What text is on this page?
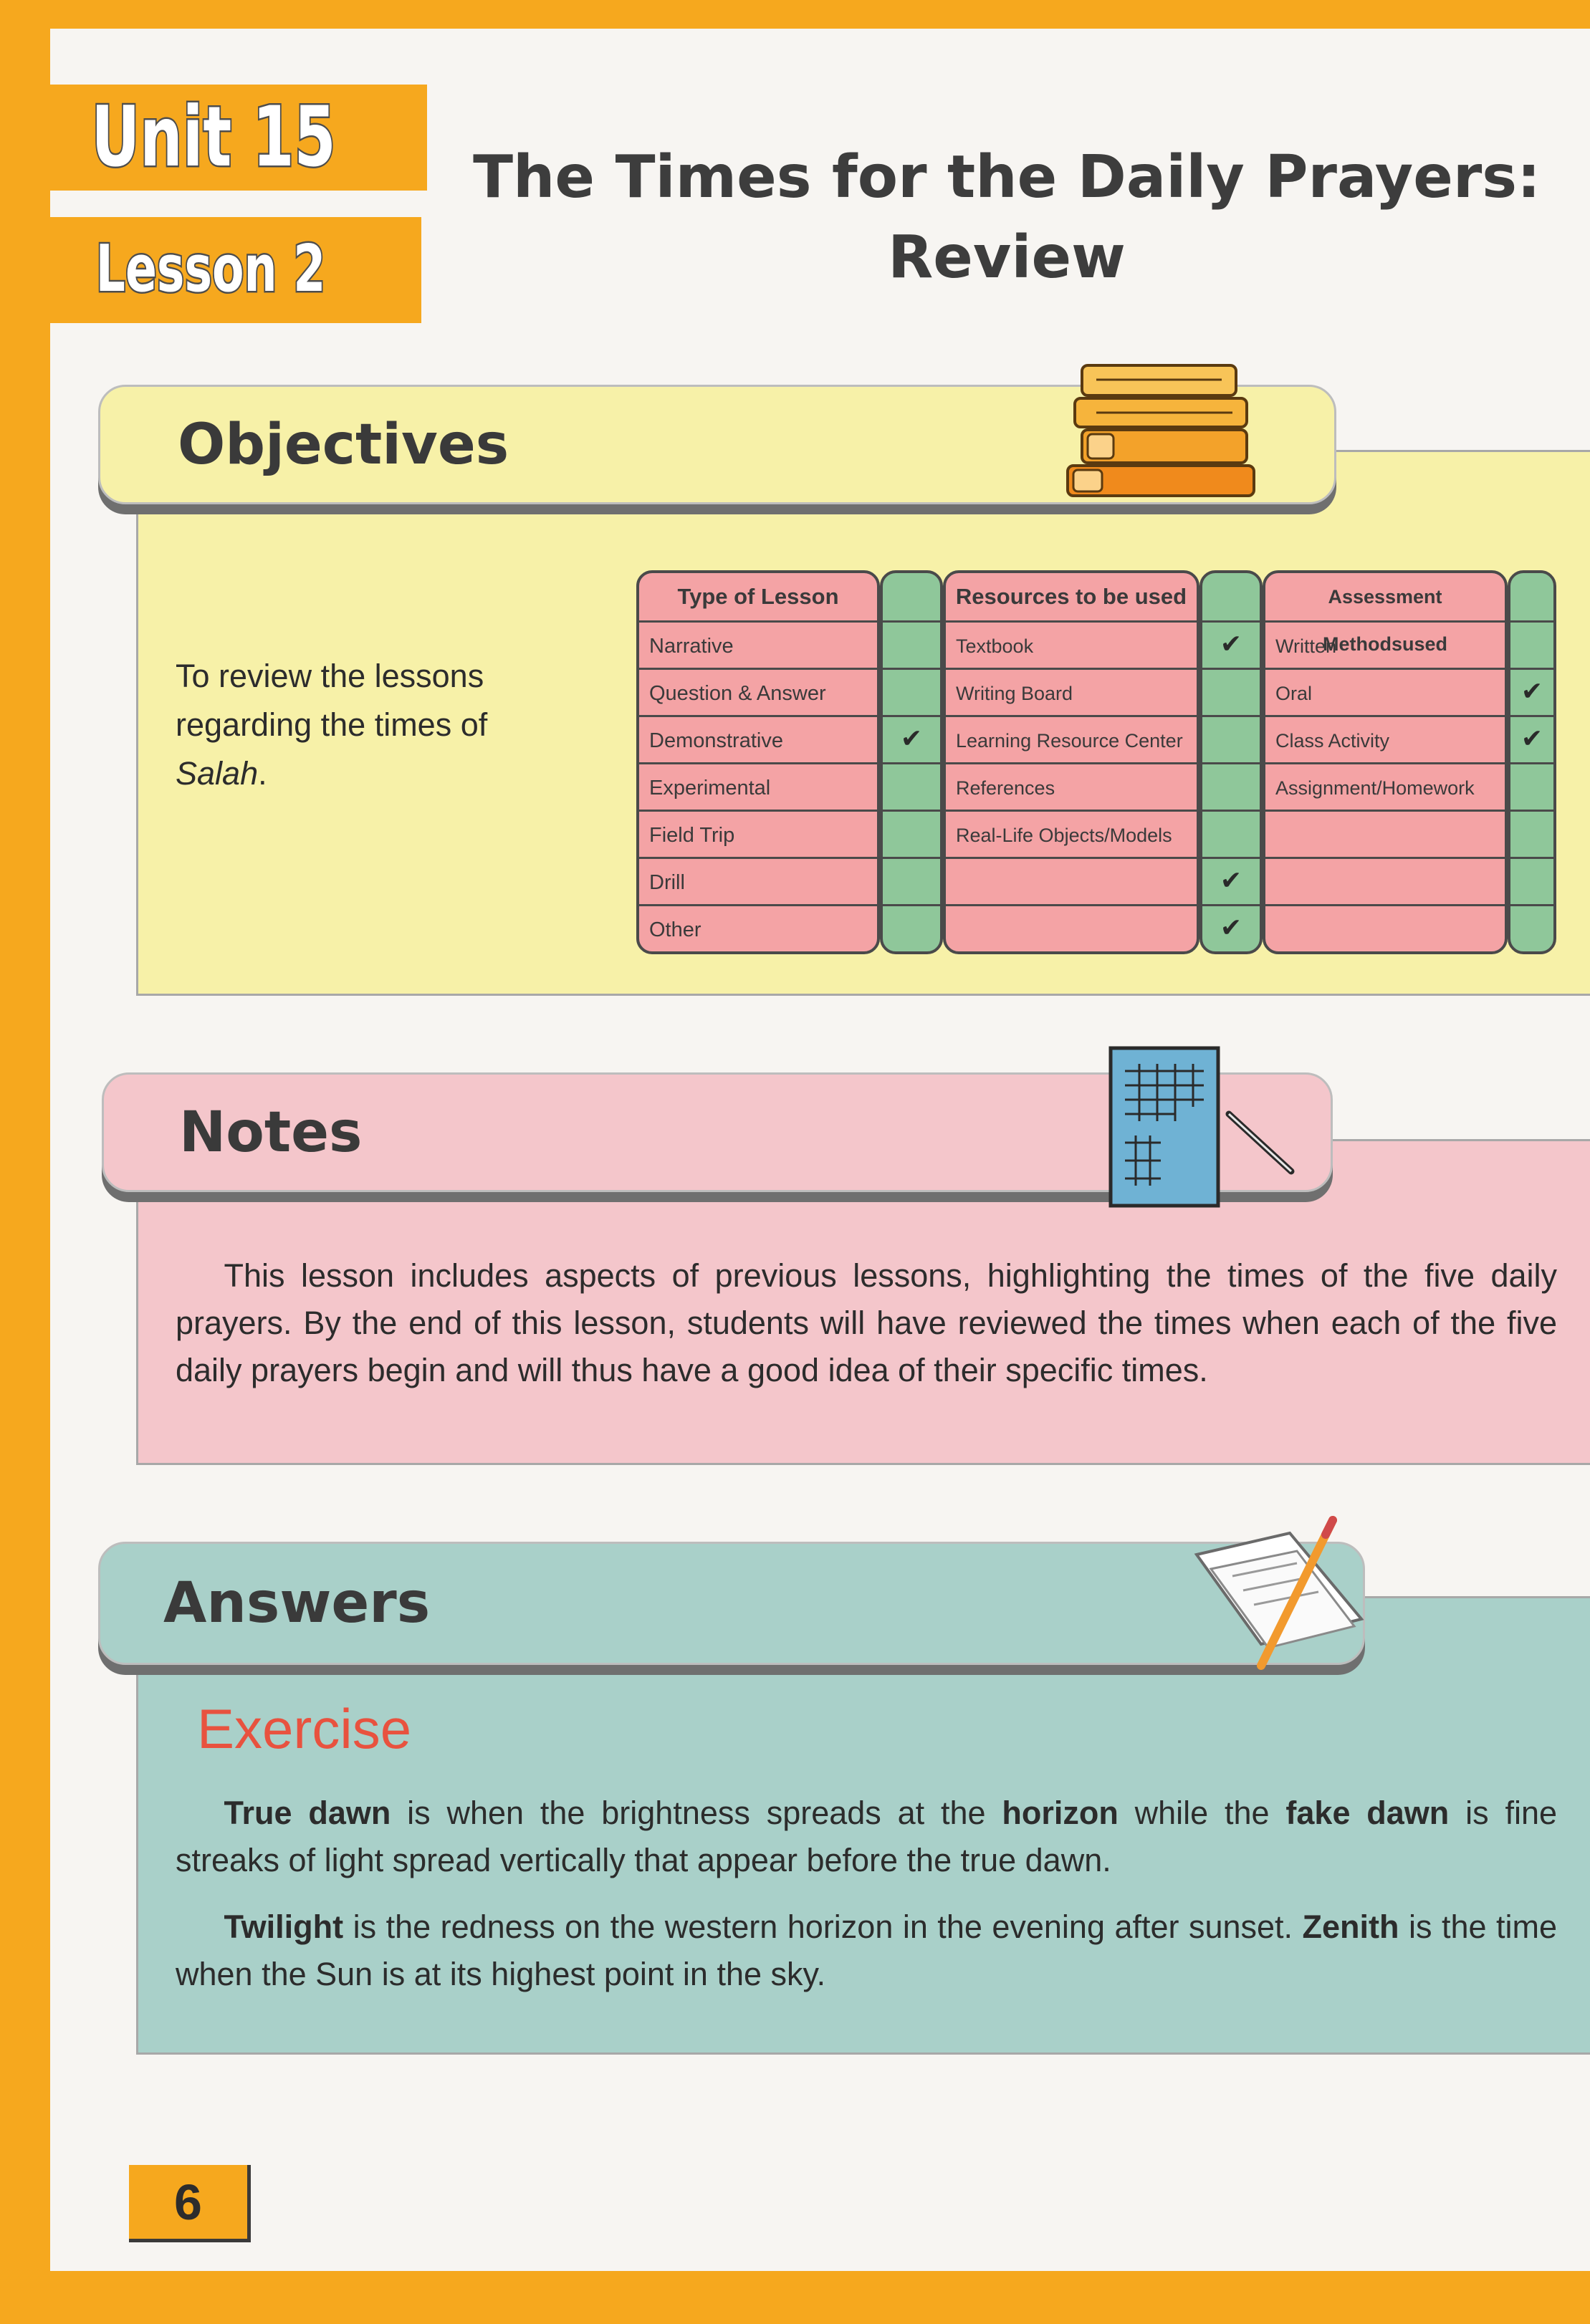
Unit 15
Lesson 2
The Times for the Daily Prayers:
Review
Objectives
To review the lessons
regarding the times of
Salah.
Type of Lesson
Narrative
Question & Answer
Demonstrative
Experimental
Field Trip
Drill
Other
✔
Resources to be used
Textbook
Writing Board
Learning Resource Center
References
Real-Life Objects/Models
✔
✔
✔
Assessment Methodsused
Written
Oral
Class Activity
Assignment/Homework
✔
✔
Notes

  This lesson includes aspects of previous lessons, highlighting the times of the five daily prayers. By the end of this lesson, students will have reviewed the times when each of the five daily prayers begin and will thus have a good idea of their specific times.

Answers
Exercise

  True dawn is when the brightness spreads at the horizon while the fake dawn is fine streaks of light spread vertically that appear before the true dawn.

  Twilight is the redness on the western horizon in the evening after sunset. Zenith is the time when the Sun is at its highest point in the sky.

6
